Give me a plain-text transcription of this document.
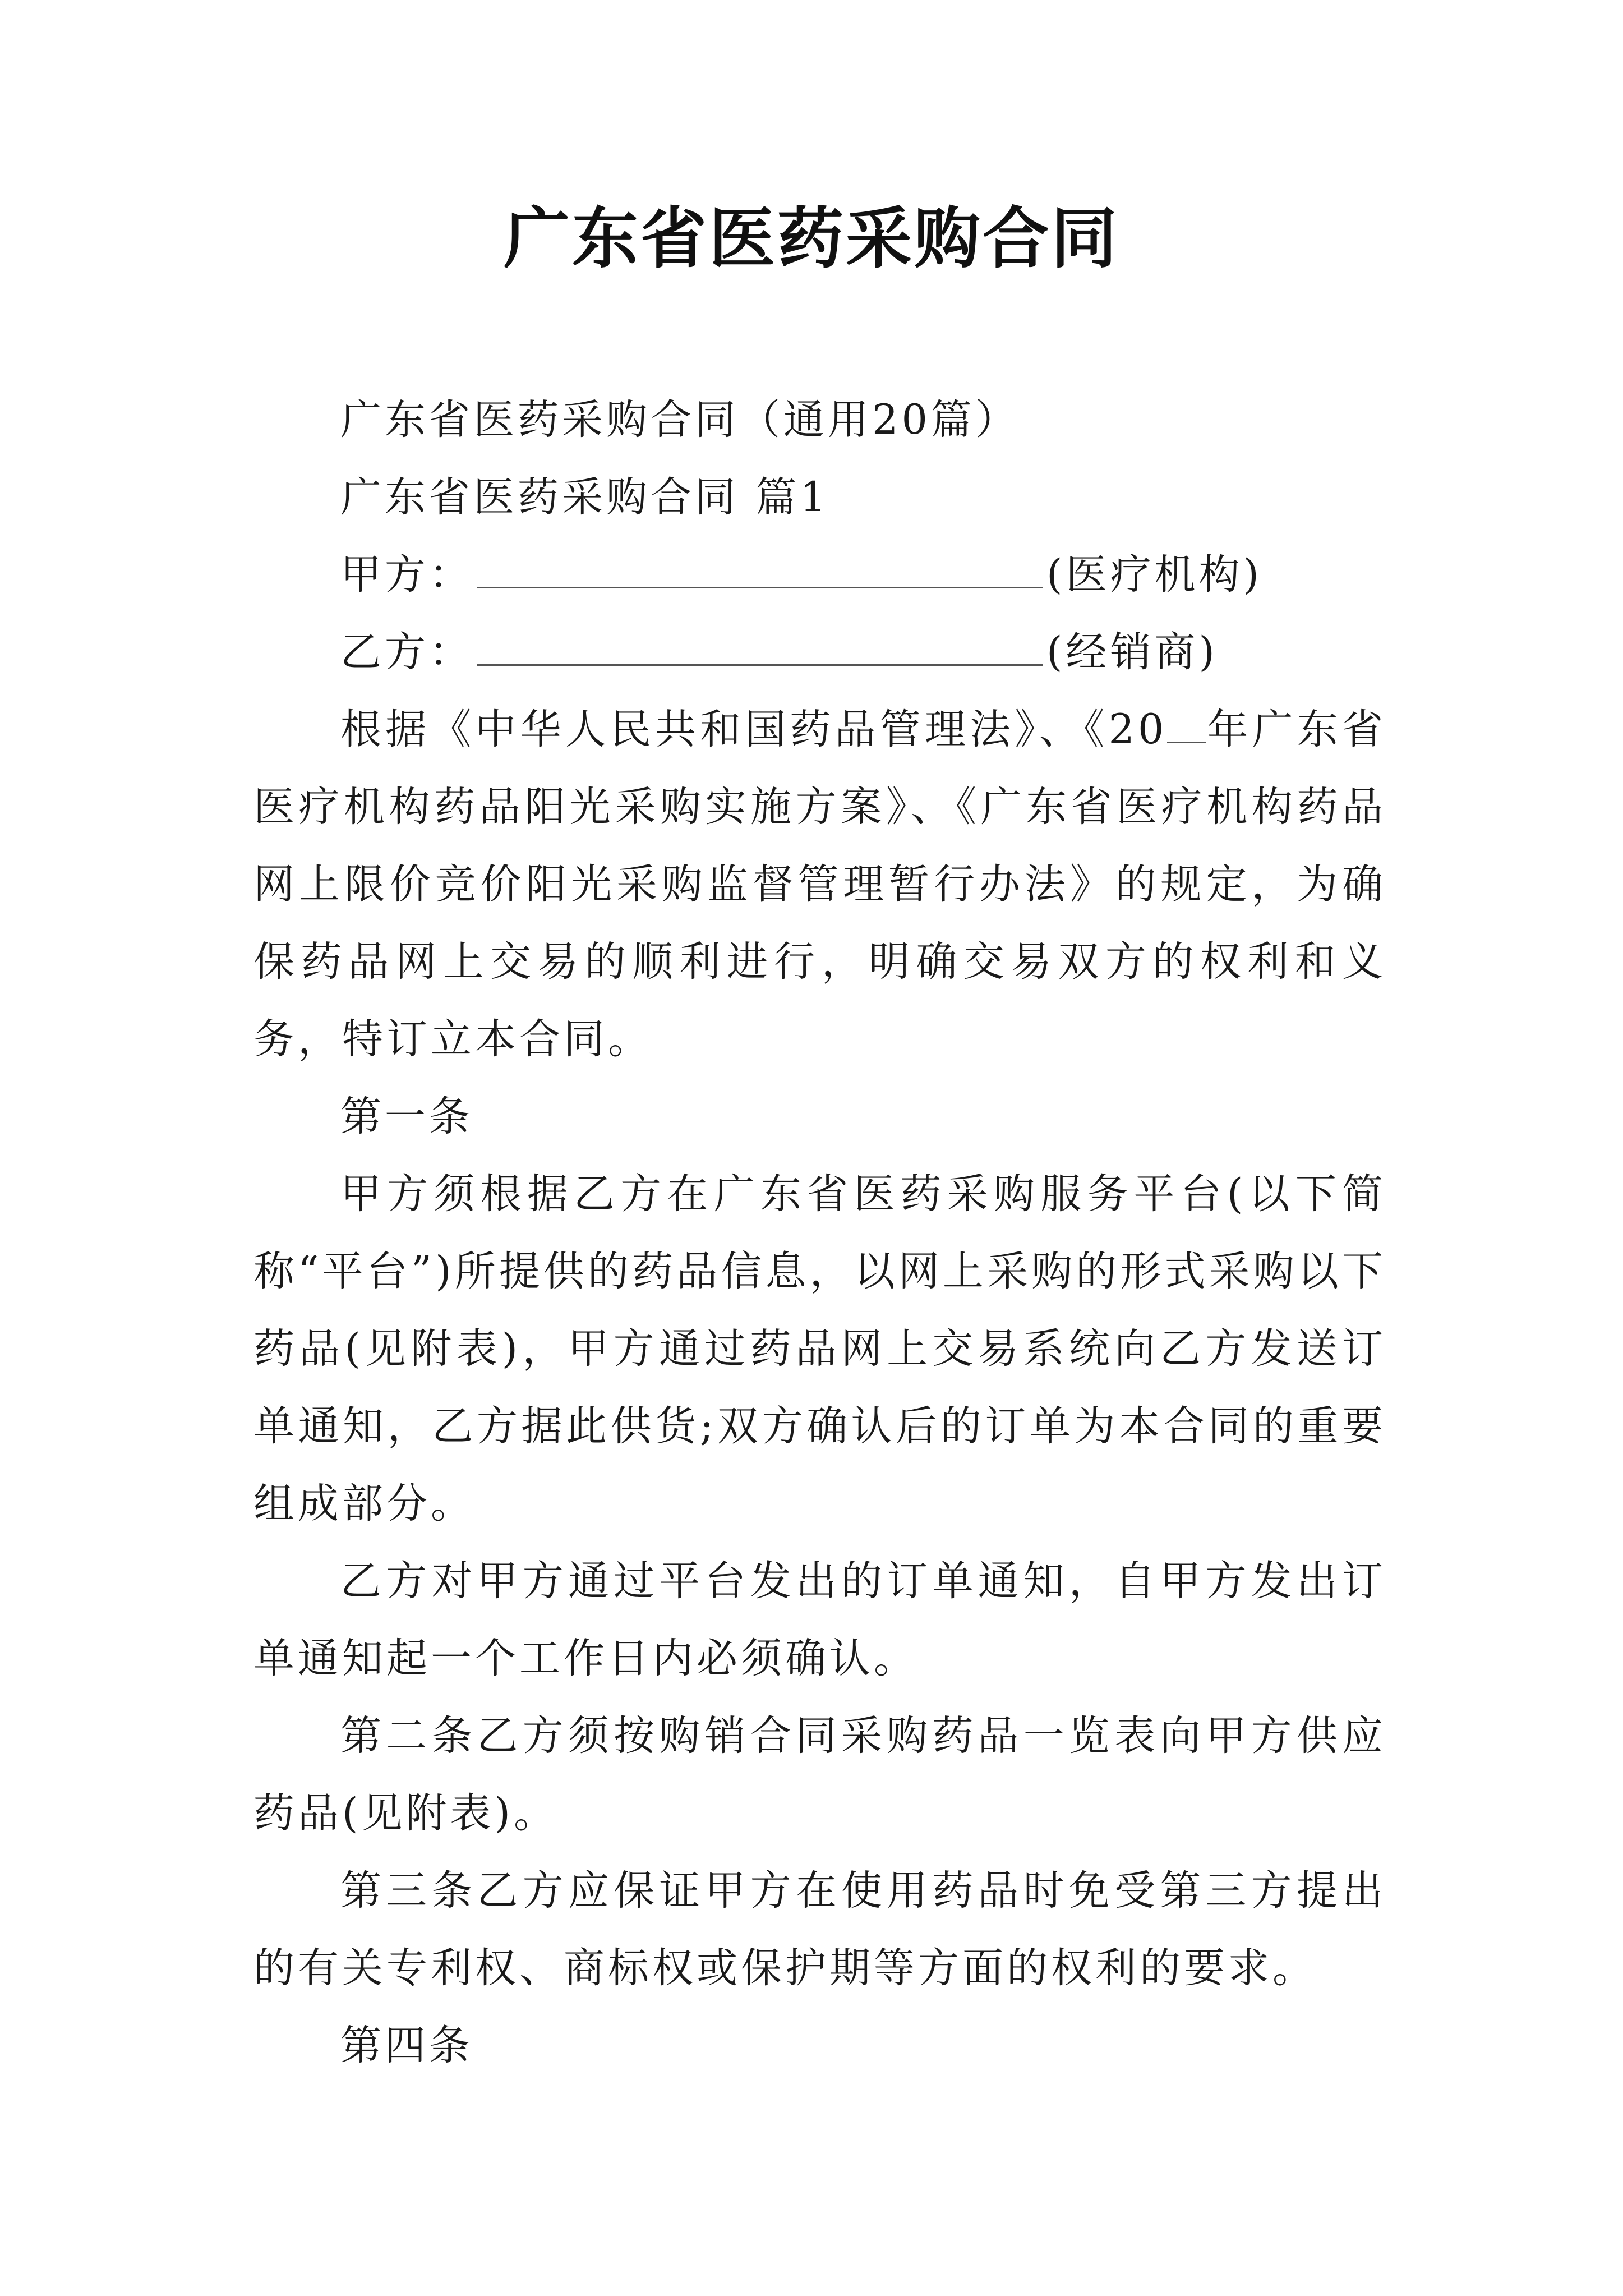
广东省医药采购合同

广东省医药采购合同（通用20篇）

广东省医药采购合同 篇1

甲方：	(医疗机构)

乙方：	(经销商)

根据《中华人民共和国药品管理法》、《20 年广东省医疗机构药品阳光采购实施方案》、《广东省医疗机构药品网上限价竞价阳光采购监督管理暂行办法》的规定，为确保药品网上交易的顺利进行，明确交易双方的权利和义务，特订立本合同。

第一条

甲方须根据乙方在广东省医药采购服务平台(以下简称“平台”)所提供的药品信息，以网上采购的形式采购以下药品(见附表)，甲方通过药品网上交易系统向乙方发送订单通知，乙方据此供货;双方确认后的订单为本合同的重要组成部分。

乙方对甲方通过平台发出的订单通知，自甲方发出订单通知起一个工作日内必须确认。

第二条乙方须按购销合同采购药品一览表向甲方供应药品(见附表)。

第三条乙方应保证甲方在使用药品时免受第三方提出的有关专利权、商标权或保护期等方面的权利的要求。

第四条
